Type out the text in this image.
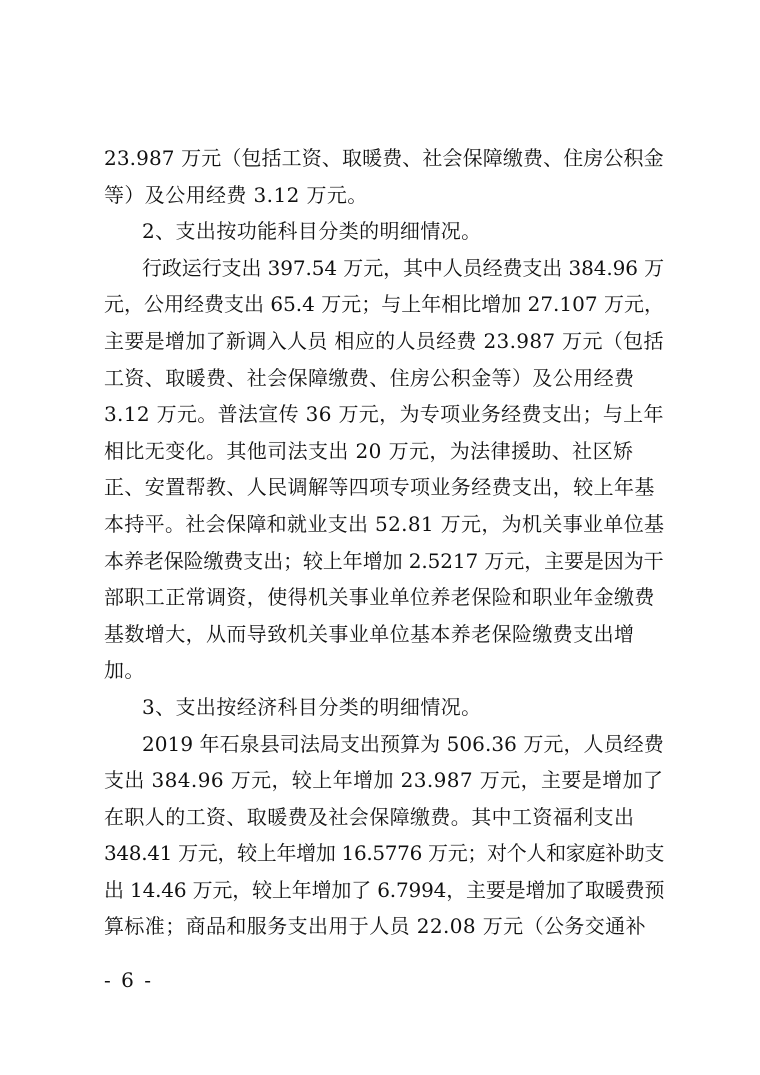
23.987 万元（包括工资、取暖费、社会保障缴费、住房公积金
等）及公用经费 3.12 万元。
2、支出按功能科目分类的明细情况。
行政运行支出 397.54 万元，其中人员经费支出 384.96 万
元，公用经费支出 65.4 万元；与上年相比增加 27.107 万元，
主要是增加了新调入人员 相应的人员经费 23.987 万元（包括
工资、取暖费、社会保障缴费、住房公积金等）及公用经费
3.12 万元。普法宣传 36 万元，为专项业务经费支出；与上年
相比无变化。其他司法支出 20 万元，为法律援助、社区矫
正、安置帮教、人民调解等四项专项业务经费支出，较上年基
本持平。社会保障和就业支出 52.81 万元，为机关事业单位基
本养老保险缴费支出；较上年增加 2.5217 万元，主要是因为干
部职工正常调资，使得机关事业单位养老保险和职业年金缴费
基数增大，从而导致机关事业单位基本养老保险缴费支出增
加。
3、支出按经济科目分类的明细情况。
2019 年石泉县司法局支出预算为 506.36 万元，人员经费
支出 384.96 万元，较上年增加 23.987 万元，主要是增加了
在职人的工资、取暖费及社会保障缴费。其中工资福利支出
348.41 万元，较上年增加 16.5776 万元；对个人和家庭补助支
出 14.46 万元，较上年增加了 6.7994，主要是增加了取暖费预
算标准；商品和服务支出用于人员 22.08 万元（公务交通补
- 6 -
